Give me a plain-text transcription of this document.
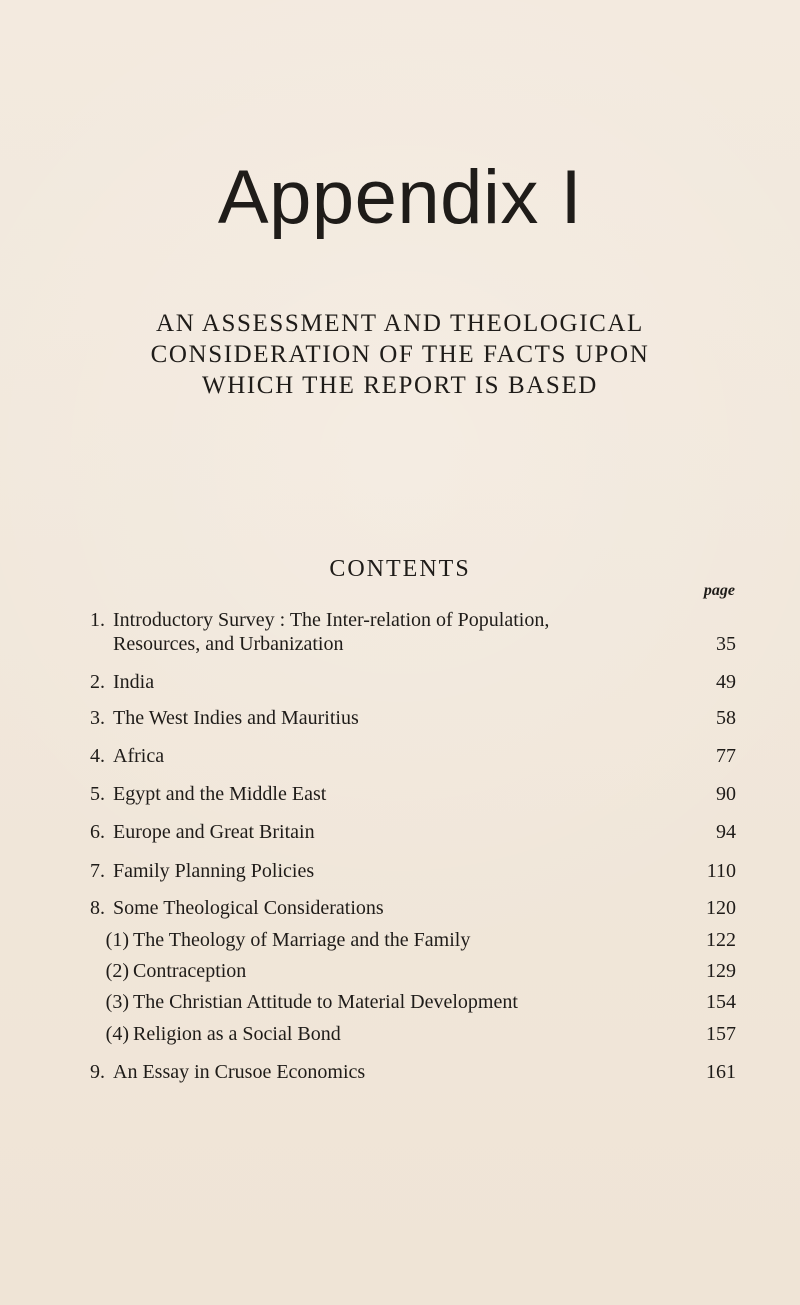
Appendix I
AN ASSESSMENT AND THEOLOGICAL
CONSIDERATION OF THE FACTS UPON
WHICH THE REPORT IS BASED
CONTENTS
page
1. Introductory Survey : The Inter-relation of Population,
Resources, and Urbanization	35
2. India	49
3. The West Indies and Mauritius	58
4. Africa	77
5. Egypt and the Middle East	90
6. Europe and Great Britain	94
7. Family Planning Policies	110
8. Some Theological Considerations	120
(1) The Theology of Marriage and the Family	122
(2) Contraception	129
(3) The Christian Attitude to Material Development	154
(4) Religion as a Social Bond	157
9. An Essay in Crusoe Economics	161
